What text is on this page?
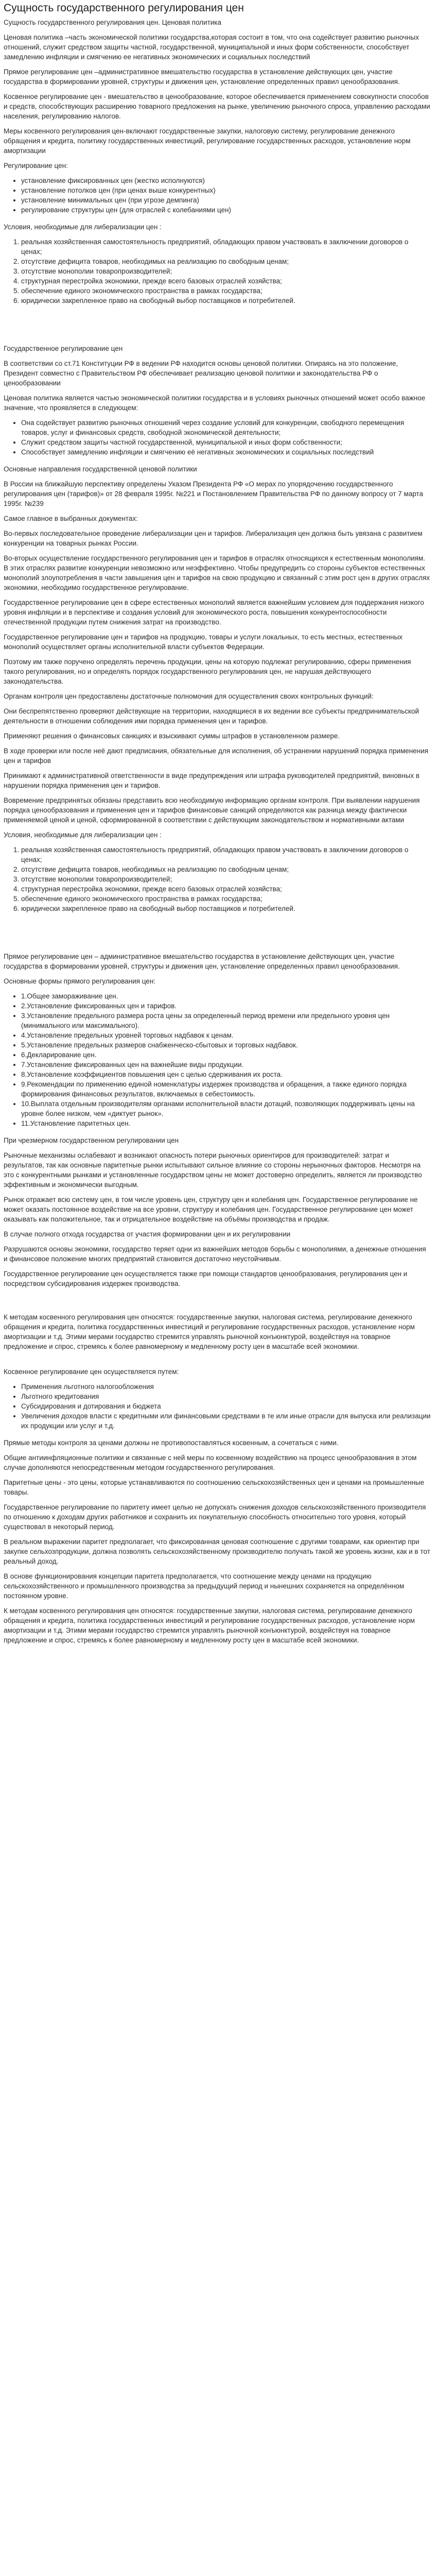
Сущность государственного регулирования цен

Сущность государственного регулирования цен. Ценовая политика

Ценовая политика –часть экономической политики государства,которая состоит в том, что она содействует развитию рыночных отношений, служит средством защиты частной, государственной, муниципальной и иных форм собственности, способствует замедлению инфляции и смягчению ее негативных экономических и социальных последствий

Прямое регулирование цен –административное вмешательство государства в установление действующих цен, участие государства в формировании уровней, структуры и движения цен, установление определенных правил ценообразования.

Косвенное регулирование цен - вмешательство в ценообразование, которое обеспечивается применением совокупности способов и средств, способствующих расширению товарного предложения на рынке, увеличению рыночного спроса, управлению расходами населения, регулированию налогов.

Меры косвенного регулирования цен-включают государственные закупки, налоговую систему, регулирование денежного обращения и кредита, политику государственных инвестиций, регулирование государственных расходов, установление норм амортизации

Регулирование цен:

• установление фиксированных цен (жестко исполнуются)
• установление потолков цен (при ценах выше конкурентных)
• установление минимальных цен (при угрозе демпинга)
• регулирование структуры цен (для отраслей с колебаниями цен)

Условия, необходимые для либерализации цен :

1. реальная хозяйственная самостоятельность предприятий, обладающих правом участвовать в заключении договоров о ценах;
2. отсутствие дефицита товаров, необходимых на реализацию по свободным ценам;
3. отсутствие монополии товаропроизводителей;
4. структурная перестройка экономики, прежде всего базовых отраслей хозяйства;
5. обеспечение единого экономического пространства в рамках государства;
6. юридически закрепленное право на свободный выбор поставщиков и потребителей.

Государственное регулирование цен

В соответствии со ст.71 Конституции РФ в ведении РФ находится основы ценовой политики. Опираясь на это положение, Президент совместно с Правительством РФ обеспечивает реализацию ценовой политики и законодательства РФ о ценообразовании

Ценовая политика является частью экономической политики государства и в условиях рыночных отношений может особо важное значение, что проявляется в следующем:

• Она содействует развитию рыночных отношений через создание условий для конкуренции, свободного перемещения товаров, услуг и финансовых средств, свободной экономической деятельности;
• Служит средством защиты частной государственной, муниципальной и иных форм собственности;
• Способствует замедлению инфляции и смягчению её негативных экономических и социальных последствий

Основные направления государственной ценовой политики

В России на ближайшую перспективу определены Указом Президента РФ «О мерах по упорядочению государственного регулирования цен (тарифов)» от 28 февраля 1995г. №221 и Постановлением Правительства РФ по данному вопросу от 7 марта 1995г. №239

Самое главное в выбранных документах:

Во-первых последовательное проведение либерализации цен и тарифов. Либерализация цен должна быть увязана с развитием конкуренции на товарных рынках России.

Во-вторых осуществление государственного регулирования цен и тарифов в отраслях относящихся к естественным монополиям. В этих отраслях развитие конкуренции невозможно или неэффективно. Чтобы предупредить со стороны субъектов естественных монополий злоупотребления в части завышения цен и тарифов на свою продукцию и связанный с этим рост цен в других отраслях экономики, необходимо государственное регулирование.

Государственное регулирование цен в сфере естественных монополий является важнейшим условием для поддержания низкого уровня инфляции и в перспективе и создания условий для экономического роста, повышения конкурентоспособности отечественной продукции путем снижения затрат на производство.

Государственное регулирование цен и тарифов на продукцию, товары и услуги локальных, то есть местных, естественных монополий осуществляет органы исполнительной власти субъектов Федерации.

Поэтому им также поручено определять перечень продукции, цены на которую подлежат регулированию, сферы применения такого регулирования, но и определять порядок государственного регулирования цен, не нарушая действующего законодательства.

Органам контроля цен предоставлены достаточные полномочия для осуществления своих контрольных функций:

Они беспрепятственно проверяют действующие на территории, находящиеся в их ведении все субъекты предпринимательской деятельности в отношении соблюдения ими порядка применения цен и тарифов.

Применяют решения о финансовых санкциях и взыскивают суммы штрафов в установленном размере.

В ходе проверки или после неё дают предписания, обязательные для исполнения, об устранении нарушений порядка применения цен и тарифов

Принимают к административной ответственности в виде предупреждения или штрафа руководителей предприятий, виновных в нарушении порядка применения цен и тарифов.

Вовремение предпринятых обязаны представить всю необходимую информацию органам контроля. При выявлении нарушения порядка ценообразования и применения цен и тарифов финансовые санкций определяются как разница между фактически применяемой ценой и ценой, сформированной в соответствии с действующим законодательством и нормативными актами

Условия, необходимые для либерализации цен :

1. реальная хозяйственная самостоятельность предприятий, обладающих правом участвовать в заключении договоров о ценах;
2. отсутствие дефицита товаров, необходимых на реализацию по свободным ценам;
3. отсутствие монополии товаропроизводителей;
4. структурная перестройка экономики, прежде всего базовых отраслей хозяйства;
5. обеспечение единого экономического пространства в рамках государства;
6. юридически закрепленное право на свободный выбор поставщиков и потребителей.

Прямое регулирование цен – административное вмешательство государства в установление действующих цен, участие государства в формировании уровней, структуры и движения цен, установление определенных правил ценообразования.

Основные формы прямого регулирования цен:

• 1.Общее замораживание цен.
• 2.Установление фиксированных цен и тарифов.
• 3.Установление предельного размера роста цены за определенный период времени или предельного уровня цен (минимального или максимального).
• 4.Установление предельных уровней торговых надбавок к ценам.
• 5.Установление предельных размеров снабженческо-сбытовых и торговых надбавок.
• 6.Декларирование цен.
• 7.Установление фиксированных цен на важнейшие виды продукции.
• 8.Установление коэффициентов повышения цен с целью сдерживания их роста.
• 9.Рекомендации по применению единой номенклатуры издержек производства и обращения, а также единого порядка формирования финансовых результатов, включаемых в себестоимость.
• 10.Выплата отдельным производителям органами исполнительной власти дотаций, позволяющих поддерживать цены на уровне более низком, чем «диктует рынок».
• 11.Установление паритетных цен.

При чрезмерном государственном регулировании цен

Рыночные механизмы ослабевают и возникают опасность потери рыночных ориентиров для производителей: затрат и результатов, так как основные паритетные рынки испытывают сильное влияние со стороны нерыночных факторов. Несмотря на это с конкурентными рынками и установленные государством цены не может достоверно определить, является ли производство эффективным и экономически выгодным.

Рынок отражает всю систему цен, в том числе уровень цен, структуру цен и колебания цен. Государственное регулирование не может оказать постоянное воздействие на все уровни, структуру и колебания цен. Государственное регулирование цен может оказывать как положительное, так и отрицательное воздействие на объёмы производства и продаж.

В случае полного отхода государства от участия формировании цен и их регулировании

Разрушаются основы экономики, государство теряет одни из важнейших методов борьбы с монополиями, а денежные отношения и финансовое положение многих предприятий становится достаточно неустойчивым.

Государственное регулирование цен осуществляется также при помощи стандартов ценообразования, регулирования цен и посредством субсидирования издержек производства.

К методам косвенного регулирования цен относятся: государственные закупки, налоговая система, регулирование денежного обращения и кредита, политика государственных инвестиций и регулирование государственных расходов, установление норм амортизации и т.д. Этими мерами государство стремится управлять рыночной конъюнктурой, воздействуя на товарное предложение и спрос, стремясь к более равномерному и медленному росту цен в масштабе всей экономики.

Косвенное регулирование цен осуществляется путем:

• Применения льготного налогообложения
• Льготного кредитования
• Субсидирования и дотирования и бюджета
• Увеличения доходов власти с кредитными или финансовыми средствами в те или иные отрасли для выпуска или реализации их продукции или услуг и т.д.

Прямые методы контроля за ценами должны не противопоставляться косвенным, а сочетаться с ними.

Общие антиинфляционные политики и связанные с ней меры по косвенному воздействию на процесс ценообразования в этом случае дополняются непосредственным методом государственного регулирования.

Паритетные цены - это цены, которые устанавливаются по соотношению сельскохозяйственных цен и ценами на промышленные товары.

Государственное регулирование по паритету имеет целью не допускать снижения доходов сельскохозяйственного производителя по отношению к доходам других работников и сохранить их покупательную способность относительно того уровня, который существовал в некоторый период.

В реальном выражении паритет предполагает, что фиксированная ценовая соотношение с другими товарами, как ориентир при закупке сельхозпродукции, должна позволять сельскохозяйственному производителю получать такой же уровень жизни, как и в тот реальный доход.

В основе функционирования концепции паритета предполагается, что соотношение между ценами на продукцию сельскохозяйственного и промышленного производства за предыдущий период и нынешних сохраняется на определённом постоянном уровне.

К методам косвенного регулирования цен относятся: государственные закупки, налоговая система, регулирование денежного обращения и кредита, политика государственных инвестиций и регулирование государственных расходов, установление норм амортизации и т.д. Этими мерами государство стремится управлять рыночной конъюнктурой, воздействуя на товарное предложение и спрос, стремясь к более равномерному и медленному росту цен в масштабе всей экономики.
